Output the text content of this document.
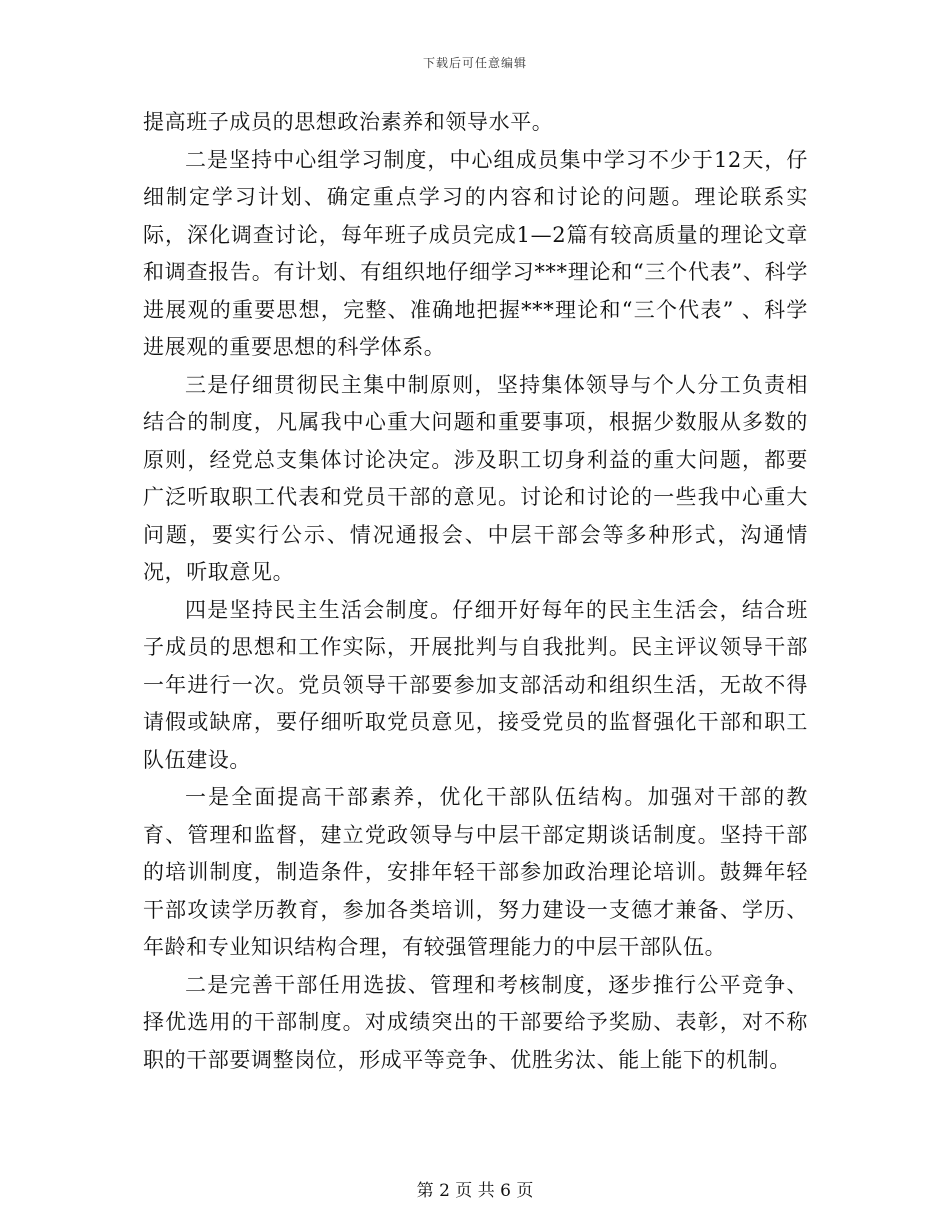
下载后可任意编辑

提高班子成员的思想政治素养和领导水平。

二是坚持中心组学习制度，中心组成员集中学习不少于12天，仔细制定学习计划、确定重点学习的内容和讨论的问题。理论联系实际，深化调查讨论，每年班子成员完成1—2篇有较高质量的理论文章和调查报告。有计划、有组织地仔细学习***理论和“三个代表”、科学进展观的重要思想，完整、准确地把握***理论和“三个代表” 、科学进展观的重要思想的科学体系。

三是仔细贯彻民主集中制原则，坚持集体领导与个人分工负责相结合的制度，凡属我中心重大问题和重要事项，根据少数服从多数的原则，经党总支集体讨论决定。涉及职工切身利益的重大问题，都要广泛听取职工代表和党员干部的意见。讨论和讨论的一些我中心重大问题，要实行公示、情况通报会、中层干部会等多种形式，沟通情况，听取意见。

四是坚持民主生活会制度。仔细开好每年的民主生活会，结合班子成员的思想和工作实际，开展批判与自我批判。民主评议领导干部一年进行一次。党员领导干部要参加支部活动和组织生活，无故不得请假或缺席，要仔细听取党员意见，接受党员的监督强化干部和职工队伍建设。

一是全面提高干部素养，优化干部队伍结构。加强对干部的教育、管理和监督，建立党政领导与中层干部定期谈话制度。坚持干部的培训制度，制造条件，安排年轻干部参加政治理论培训。鼓舞年轻干部攻读学历教育，参加各类培训，努力建设一支德才兼备、学历、年龄和专业知识结构合理，有较强管理能力的中层干部队伍。

二是完善干部任用选拔、管理和考核制度，逐步推行公平竞争、择优选用的干部制度。对成绩突出的干部要给予奖励、表彰，对不称职的干部要调整岗位，形成平等竞争、优胜劣汰、能上能下的机制。

第 2 页 共 6 页
